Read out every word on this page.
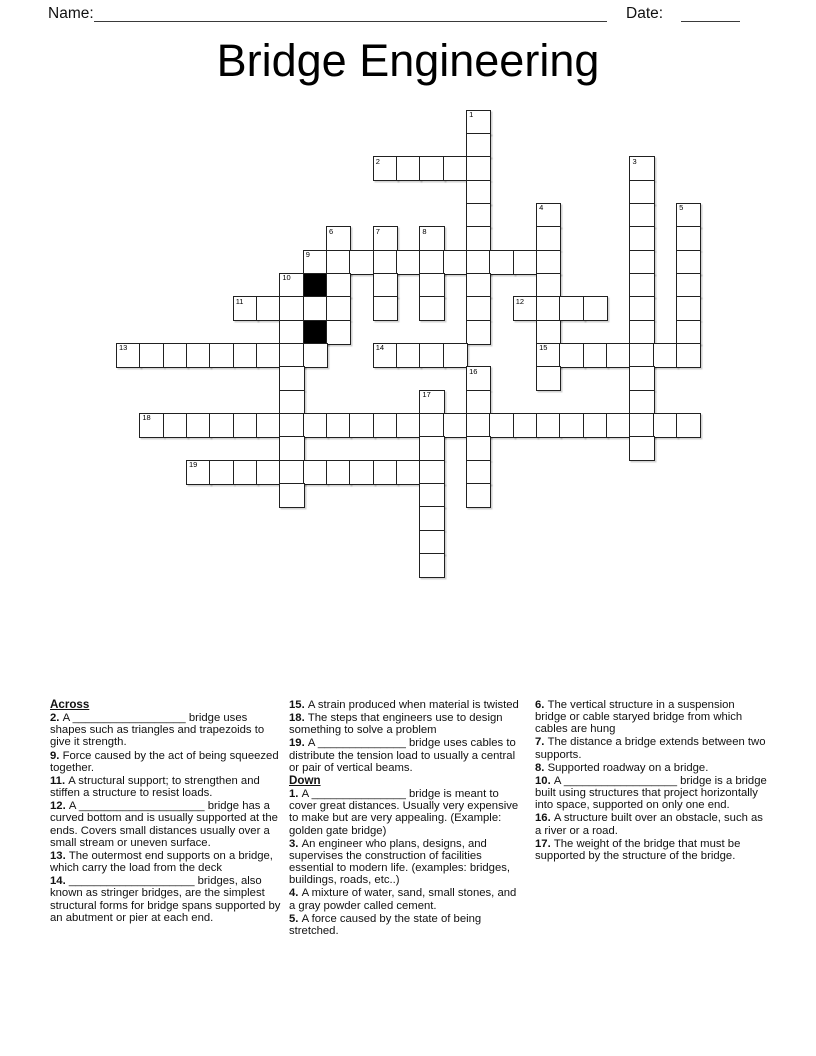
Name:	Date:
Bridge Engineering
1
2	3
4	5
6	7	8
9
10
11	12
13	14	15
16
17
18
19
Across
2. A __________________ bridge uses shapes such as triangles and trapezoids to give it strength.
9. Force caused by the act of being squeezed together.
11. A structural support; to strengthen and stiffen a structure to resist loads.
12. A ____________________ bridge has a curved bottom and is usually supported at the ends. Covers small distances usually over a small stream or uneven surface.
13. The outermost end supports on a bridge, which carry the load from the deck
14. ____________________ bridges, also known as stringer bridges, are the simplest structural forms for bridge spans supported by an abutment or pier at each end.
15. A strain produced when material is twisted
18. The steps that engineers use to design something to solve a problem
19. A ______________ bridge uses cables to distribute the tension load to usually a central or pair of vertical beams.
Down
1. A _______________ bridge is meant to cover great distances. Usually very expensive to make but are very appealing. (Example: golden gate bridge)
3. An engineer who plans, designs, and supervises the construction of facilities essential to modern life. (examples: bridges, buildings, roads, etc..)
4. A mixture of water, sand, small stones, and a gray powder called cement.
5. A force caused by the state of being stretched.
6. The vertical structure in a suspension bridge or cable staryed bridge from which cables are hung
7. The distance a bridge extends between two supports.
8. Supported roadway on a bridge.
10. A __________________ bridge is a bridge built using structures that project horizontally into space, supported on only one end.
16. A structure built over an obstacle, such as a river or a road.
17. The weight of the bridge that must be supported by the structure of the bridge.
